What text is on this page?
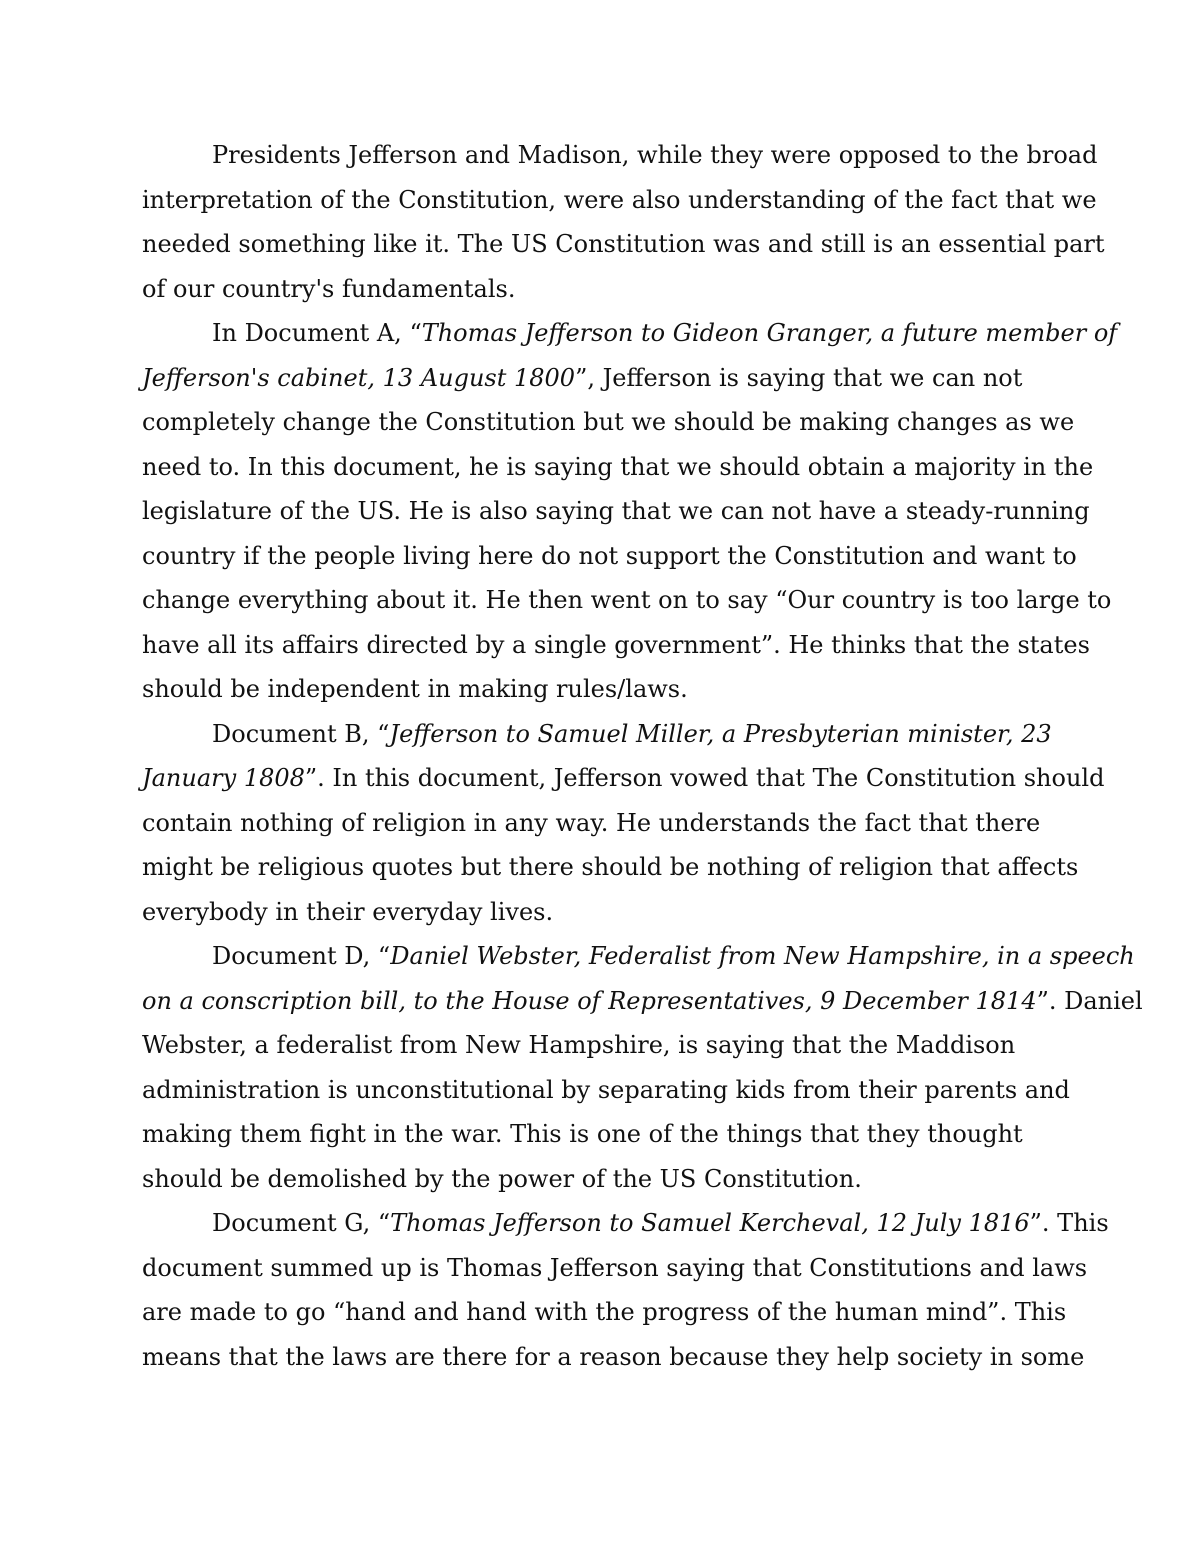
Presidents Jefferson and Madison, while they were opposed to the broad
interpretation of the Constitution, were also understanding of the fact that we
needed something like it. The US Constitution was and still is an essential part
of our country's fundamentals.

In Document A, “Thomas Jefferson to Gideon Granger, a future member of
Jefferson's cabinet, 13 August 1800”, Jefferson is saying that we can not
completely change the Constitution but we should be making changes as we
need to. In this document, he is saying that we should obtain a majority in the
legislature of the US. He is also saying that we can not have a steady-running
country if the people living here do not support the Constitution and want to
change everything about it. He then went on to say “Our country is too large to
have all its affairs directed by a single government”. He thinks that the states
should be independent in making rules/laws.

Document B, “Jefferson to Samuel Miller, a Presbyterian minister, 23
January 1808”. In this document, Jefferson vowed that The Constitution should
contain nothing of religion in any way. He understands the fact that there
might be religious quotes but there should be nothing of religion that affects
everybody in their everyday lives.

Document D, “Daniel Webster, Federalist from New Hampshire, in a speech
on a conscription bill, to the House of Representatives, 9 December 1814”. Daniel
Webster, a federalist from New Hampshire, is saying that the Maddison
administration is unconstitutional by separating kids from their parents and
making them fight in the war. This is one of the things that they thought
should be demolished by the power of the US Constitution.

Document G, “Thomas Jefferson to Samuel Kercheval, 12 July 1816”. This
document summed up is Thomas Jefferson saying that Constitutions and laws
are made to go “hand and hand with the progress of the human mind”. This
means that the laws are there for a reason because they help society in some
